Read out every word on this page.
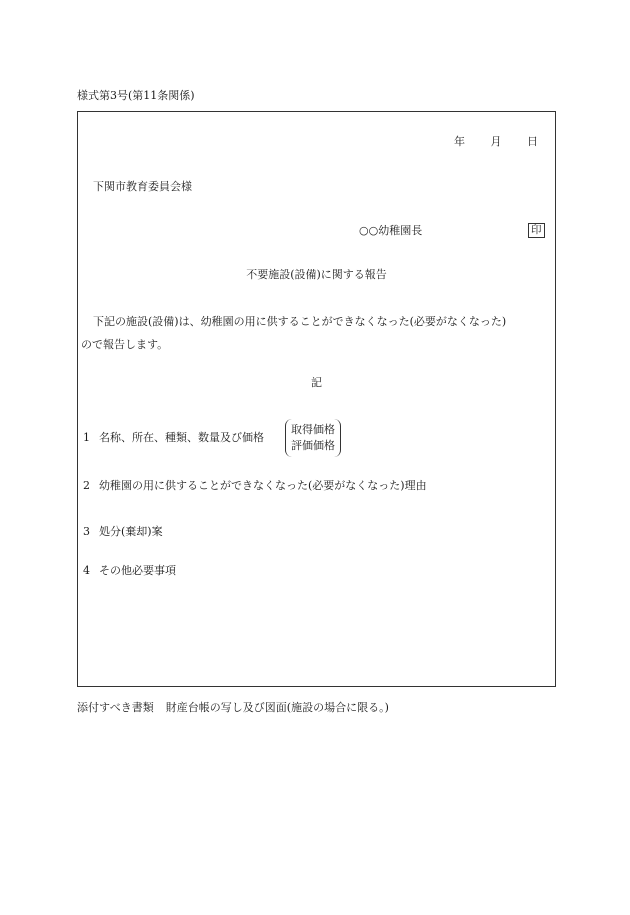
様式第3号(第11条関係)
年 月 日
下関市教育委員会様
○○幼稚園長	印
不要施設(設備)に関する報告
下記の施設(設備)は、幼稚園の用に供することができなくなった(必要がなくなった)
ので報告します。
記
1 名称、所在、種類、数量及び価格
取得価格
評価価格
2 幼稚園の用に供することができなくなった(必要がなくなった)理由
3 処分(棄却)案
4 その他必要事項
添付すべき書類 財産台帳の写し及び図面(施設の場合に限る。)
